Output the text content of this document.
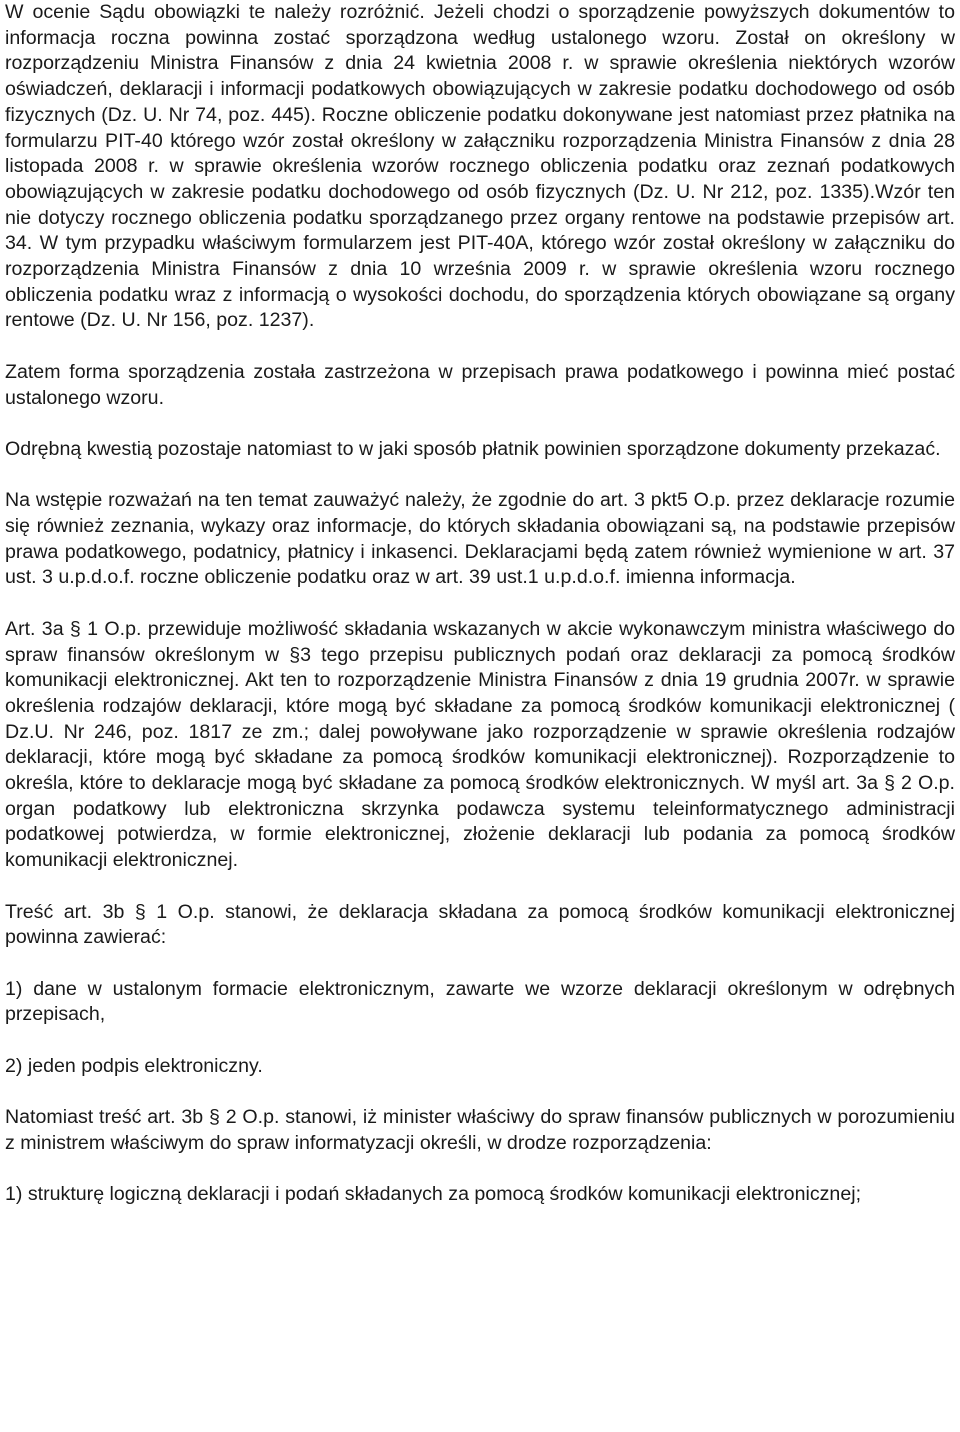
W ocenie Sądu obowiązki te należy rozróżnić. Jeżeli chodzi o sporządzenie powyższych dokumentów to informacja roczna powinna zostać sporządzona według ustalonego wzoru. Został on określony w rozporządzeniu Ministra Finansów z dnia 24 kwietnia 2008 r. w sprawie określenia niektórych wzorów oświadczeń, deklaracji i informacji podatkowych obowiązujących w zakresie podatku dochodowego od osób fizycznych (Dz. U. Nr 74, poz. 445). Roczne obliczenie podatku dokonywane jest natomiast przez płatnika na formularzu PIT-40 którego wzór został określony w załączniku rozporządzenia Ministra Finansów z dnia 28 listopada 2008 r. w sprawie określenia wzorów rocznego obliczenia podatku oraz zeznań podatkowych obowiązujących w zakresie podatku dochodowego od osób fizycznych (Dz. U. Nr 212, poz. 1335).Wzór ten nie dotyczy rocznego obliczenia podatku sporządzanego przez organy rentowe na podstawie przepisów art. 34. W tym przypadku właściwym formularzem jest PIT-40A, którego wzór został określony w załączniku do rozporządzenia Ministra Finansów z dnia 10 września 2009 r. w sprawie określenia wzoru rocznego obliczenia podatku wraz z informacją o wysokości dochodu, do sporządzenia których obowiązane są organy rentowe (Dz. U. Nr 156, poz. 1237).

Zatem forma sporządzenia została zastrzeżona w przepisach prawa podatkowego i powinna mieć postać ustalonego wzoru.

Odrębną kwestią pozostaje natomiast to w jaki sposób płatnik powinien sporządzone dokumenty przekazać.

Na wstępie rozważań na ten temat zauważyć należy, że zgodnie do art. 3 pkt5 O.p. przez deklaracje rozumie się również zeznania, wykazy oraz informacje, do których składania obowiązani są, na podstawie przepisów prawa podatkowego, podatnicy, płatnicy i inkasenci. Deklaracjami będą zatem również wymienione w art. 37 ust. 3 u.p.d.o.f. roczne obliczenie podatku oraz w art. 39 ust.1 u.p.d.o.f. imienna informacja.

Art. 3a § 1 O.p. przewiduje możliwość składania wskazanych w akcie wykonawczym ministra właściwego do spraw finansów określonym w §3 tego przepisu publicznych podań oraz deklaracji za pomocą środków komunikacji elektronicznej. Akt ten to rozporządzenie Ministra Finansów z dnia 19 grudnia 2007r. w sprawie określenia rodzajów deklaracji, które mogą być składane za pomocą środków komunikacji elektronicznej ( Dz.U. Nr 246, poz. 1817 ze zm.; dalej powoływane jako rozporządzenie w sprawie określenia rodzajów deklaracji, które mogą być składane za pomocą środków komunikacji elektronicznej). Rozporządzenie to określa, które to deklaracje mogą być składane za pomocą środków elektronicznych. W myśl art. 3a § 2 O.p. organ podatkowy lub elektroniczna skrzynka podawcza systemu teleinformatycznego administracji podatkowej potwierdza, w formie elektronicznej, złożenie deklaracji lub podania za pomocą środków komunikacji elektronicznej.

Treść art. 3b § 1 O.p. stanowi, że deklaracja składana za pomocą środków komunikacji elektronicznej powinna zawierać:

1) dane w ustalonym formacie elektronicznym, zawarte we wzorze deklaracji określonym w odrębnych przepisach,

2) jeden podpis elektroniczny.

Natomiast treść art. 3b § 2 O.p. stanowi, iż minister właściwy do spraw finansów publicznych w porozumieniu z ministrem właściwym do spraw informatyzacji określi, w drodze rozporządzenia:

1) strukturę logiczną deklaracji i podań składanych za pomocą środków komunikacji elektronicznej;
